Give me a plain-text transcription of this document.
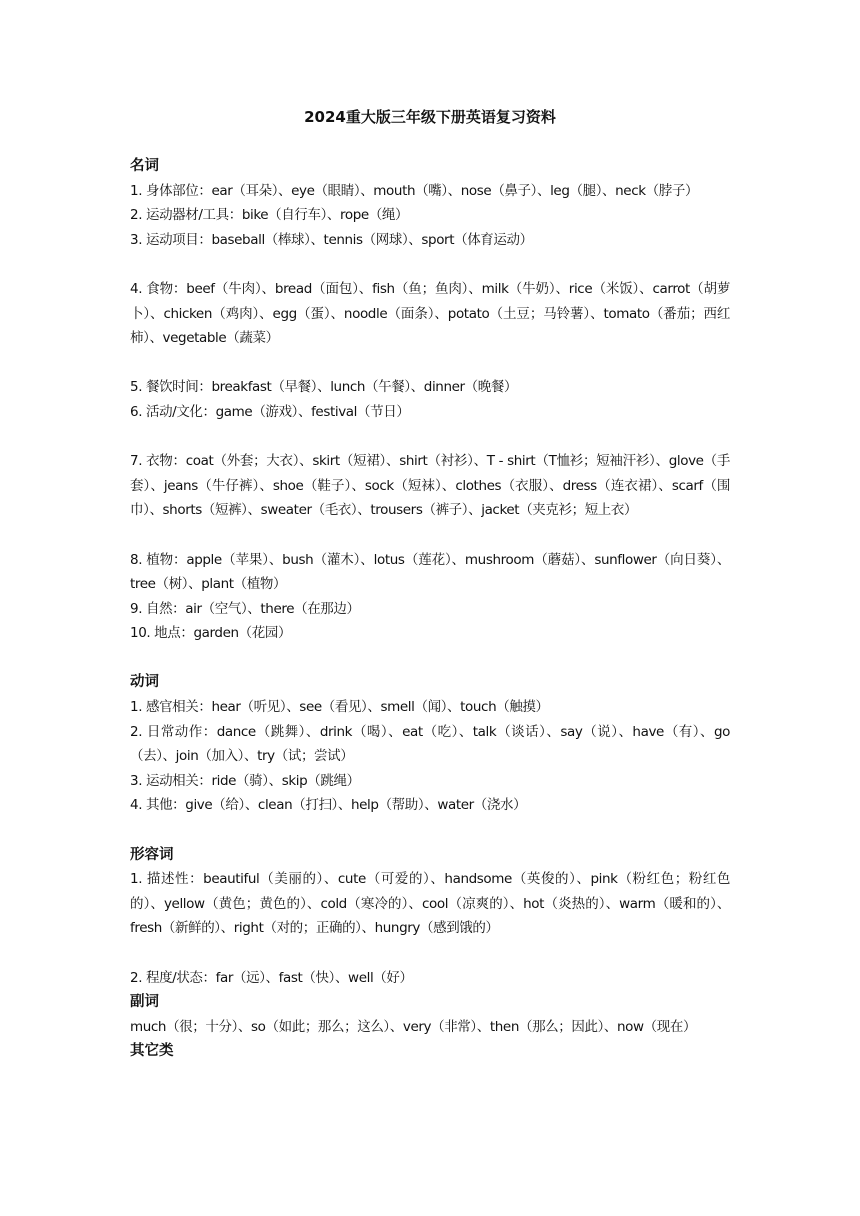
2024重大版三年级下册英语复习资料

名词

1. 身体部位：ear（耳朵）、eye（眼睛）、mouth（嘴）、nose（鼻子）、leg（腿）、neck（脖子）

2. 运动器材/工具：bike（自行车）、rope（绳）

3. 运动项目：baseball（棒球）、tennis（网球）、sport（体育运动）

4. 食物：beef（牛肉）、bread（面包）、fish（鱼；鱼肉）、milk（牛奶）、rice（米饭）、carrot（胡萝卜）、chicken（鸡肉）、egg（蛋）、noodle（面条）、potato（土豆；马铃薯）、tomato（番茄；西红柿）、vegetable（蔬菜）

5. 餐饮时间：breakfast（早餐）、lunch（午餐）、dinner（晚餐）

6. 活动/文化：game（游戏）、festival（节日）

7. 衣物：coat（外套；大衣）、skirt（短裙）、shirt（衬衫）、T - shirt（T恤衫；短袖汗衫）、glove（手套）、jeans（牛仔裤）、shoe（鞋子）、sock（短袜）、clothes（衣服）、dress（连衣裙）、scarf（围巾）、shorts（短裤）、sweater（毛衣）、trousers（裤子）、jacket（夹克衫；短上衣）

8. 植物：apple（苹果）、bush（灌木）、lotus（莲花）、mushroom（蘑菇）、sunflower（向日葵）、tree（树）、plant（植物）

9. 自然：air（空气）、there（在那边）

10. 地点：garden（花园）

动词

1. 感官相关：hear（听见）、see（看见）、smell（闻）、touch（触摸）

2. 日常动作：dance（跳舞）、drink（喝）、eat（吃）、talk（谈话）、say（说）、have（有）、go（去）、join（加入）、try（试；尝试）

3. 运动相关：ride（骑）、skip（跳绳）

4. 其他：give（给）、clean（打扫）、help（帮助）、water（浇水）

形容词

1. 描述性：beautiful（美丽的）、cute（可爱的）、handsome（英俊的）、pink（粉红色；粉红色的）、yellow（黄色；黄色的）、cold（寒冷的）、cool（凉爽的）、hot（炎热的）、warm（暖和的）、fresh（新鲜的）、right（对的；正确的）、hungry（感到饿的）

2. 程度/状态：far（远）、fast（快）、well（好）

副词

much（很；十分）、so（如此；那么；这么）、very（非常）、then（那么；因此）、now（现在）

其它类
